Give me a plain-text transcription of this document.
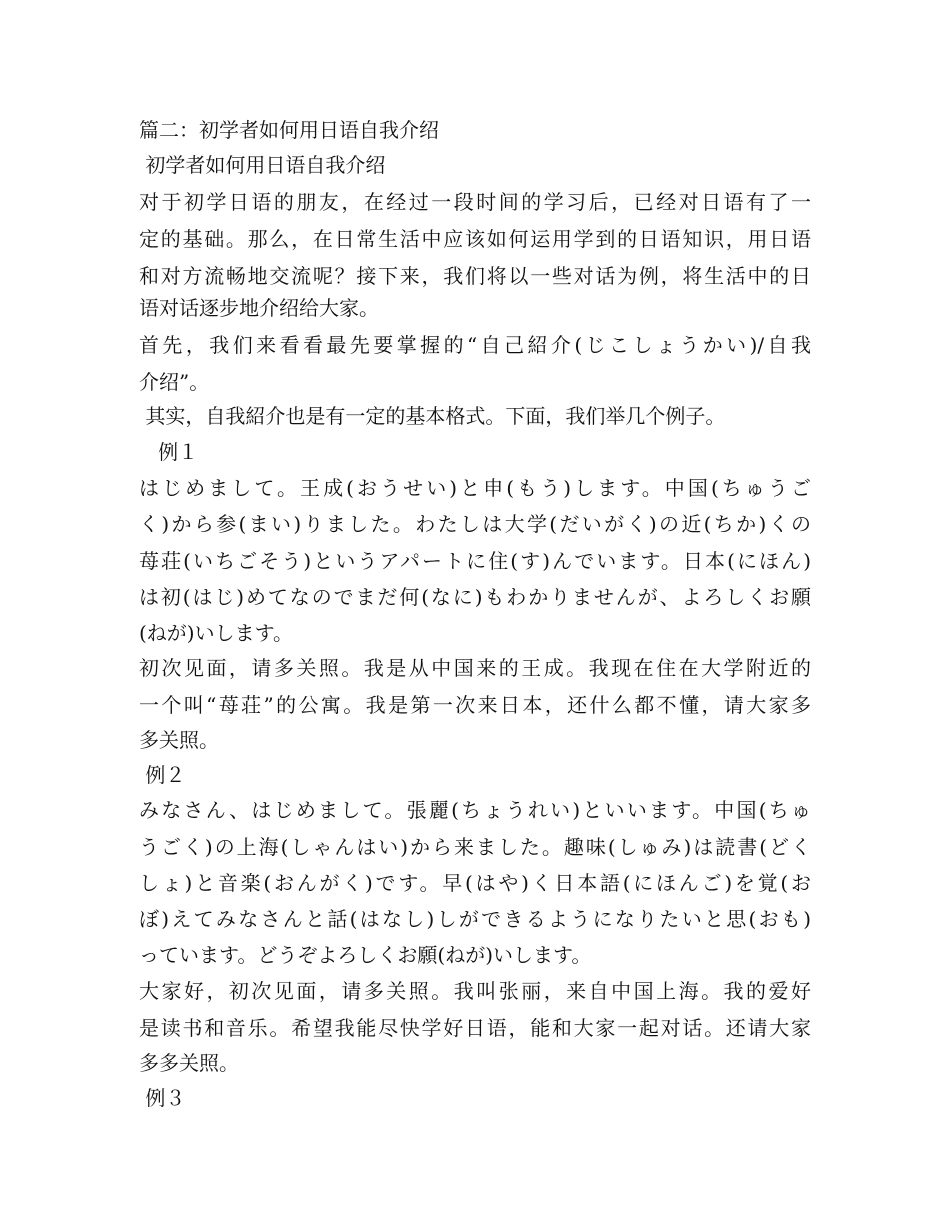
篇二：初学者如何用日语自我介绍
初学者如何用日语自我介绍
对于初学日语的朋友，在经过一段时间的学习后，已经对日语有了一
定的基础。那么，在日常生活中应该如何运用学到的日语知识，用日语
和对方流畅地交流呢？接下来，我们将以一些对话为例，将生活中的日
语对话逐步地介绍给大家。
首先，我们来看看最先要掌握的“自己紹介(じこしょうかい)/自我
介绍”。
其实，自我紹介也是有一定的基本格式。下面，我们举几个例子。
例１
はじめまして。王成(おうせい)と申(もう)します。中国(ちゅうご
く)から参(まい)りました。わたしは大学(だいがく)の近(ちか)くの
苺荘(いちごそう)というアパートに住(す)んでいます。日本(にほん)
は初(はじ)めてなのでまだ何(なに)もわかりませんが、よろしくお願
(ねが)いします。
初次见面，请多关照。我是从中国来的王成。我现在住在大学附近的
一个叫“苺荘”的公寓。我是第一次来日本，还什么都不懂，请大家多
多关照。
例２
みなさん、はじめまして。張麗(ちょうれい)といいます。中国(ちゅ
うごく)の上海(しゃんはい)から来ました。趣味(しゅみ)は読書(どく
しょ)と音楽(おんがく)です。早(はや)く日本語(にほんご)を覚(お
ぼ)えてみなさんと話(はなし)しができるようになりたいと思(おも)
っています。どうぞよろしくお願(ねが)いします。
大家好，初次见面，请多关照。我叫张丽，来自中国上海。我的爱好
是读书和音乐。希望我能尽快学好日语，能和大家一起对话。还请大家
多多关照。
例３
